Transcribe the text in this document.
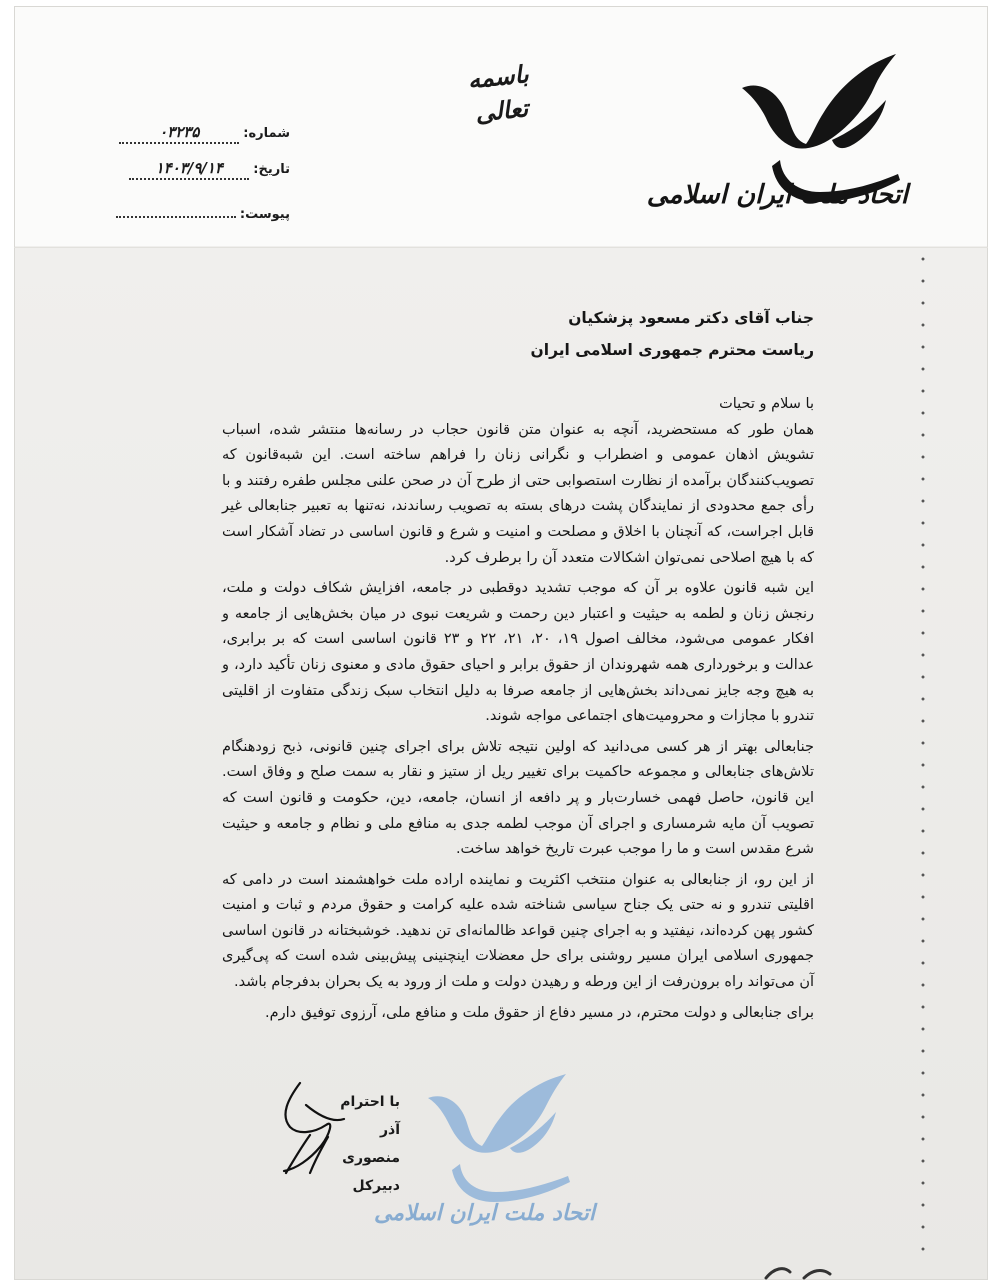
اتحاد ملت ایران اسلامی
باسمه تعالی
شماره:۰۳۲۳۵
تاریخ:۱۴۰۳/۹/۱۴
پیوست:
جناب آقای دکتر مسعود پزشکیان
ریاست محترم جمهوری اسلامی ایران
با سلام و تحیات

همان طور که مستحضرید، آنچه به عنوان متن قانون حجاب در رسانه‌ها منتشر شده، اسباب تشویش اذهان عمومی و اضطراب و نگرانی زنان را فراهم ساخته است. این شبه‌قانون که تصویب‌کنندگان برآمده از نظارت استصوابی حتی از طرح آن در صحن علنی مجلس طفره رفتند و با رأی جمع محدودی از نمایندگان پشت درهای بسته به تصویب رساندند، نه‌تنها به تعبیر جنابعالی غیر قابل اجراست، که آنچنان با اخلاق و مصلحت و امنیت و شرع و قانون اساسی در تضاد آشکار است که با هیچ اصلاحی نمی‌توان اشکالات متعدد آن را برطرف کرد.

این شبه قانون علاوه بر آن که موجب تشدید دوقطبی در جامعه، افزایش شکاف دولت و ملت، رنجش زنان و لطمه به حیثیت و اعتبار دین رحمت و شریعت نبوی در میان بخش‌هایی از جامعه و افکار عمومی می‌شود، مخالف اصول ۱۹، ۲۰، ۲۱، ۲۲ و ۲۳ قانون اساسی است که بر برابری، عدالت و برخورداری همه شهروندان از حقوق برابر و احیای حقوق مادی و معنوی زنان تأکید دارد، و به هیچ وجه جایز نمی‌داند بخش‌هایی از جامعه صرفا به دلیل انتخاب سبک زندگی متفاوت از اقلیتی تندرو با مجازات و محرومیت‌های اجتماعی مواجه شوند.

جنابعالی بهتر از هر کسی می‌دانید که اولین نتیجه تلاش برای اجرای چنین قانونی، ذبح زودهنگام تلاش‌های جنابعالی و مجموعه حاکمیت برای تغییر ریل از ستیز و نقار به سمت صلح و وفاق است. این قانون، حاصل فهمی خسارت‌بار و پر دافعه از انسان، جامعه، دین، حکومت و قانون است که تصویب آن مایه شرمساری و اجرای آن موجب لطمه جدی به منافع ملی و نظام و جامعه و حیثیت شرع مقدس است و ما را موجب عبرت تاریخ خواهد ساخت.

از این رو، از جنابعالی به عنوان منتخب اکثریت و نماینده اراده ملت خواهشمند است در دامی که اقلیتی تندرو و نه حتی یک جناح سیاسی شناخته شده علیه کرامت و حقوق مردم و ثبات و امنیت کشور پهن کرده‌اند، نیفتید و به اجرای چنین قواعد ظالمانه‌ای تن ندهید. خوشبختانه در قانون اساسی جمهوری اسلامی ایران مسیر روشنی برای حل معضلات اینچنینی پیش‌بینی شده است که پی‌گیری آن می‌تواند راه برون‌رفت از این ورطه و رهیدن دولت و ملت از ورود به یک بحران بدفرجام باشد.

برای جنابعالی و دولت محترم، در مسیر دفاع از حقوق ملت و منافع ملی، آرزوی توفیق دارم.

اتحاد ملت ایران اسلامی
با احترام
آذر منصوری
دبیرکل
